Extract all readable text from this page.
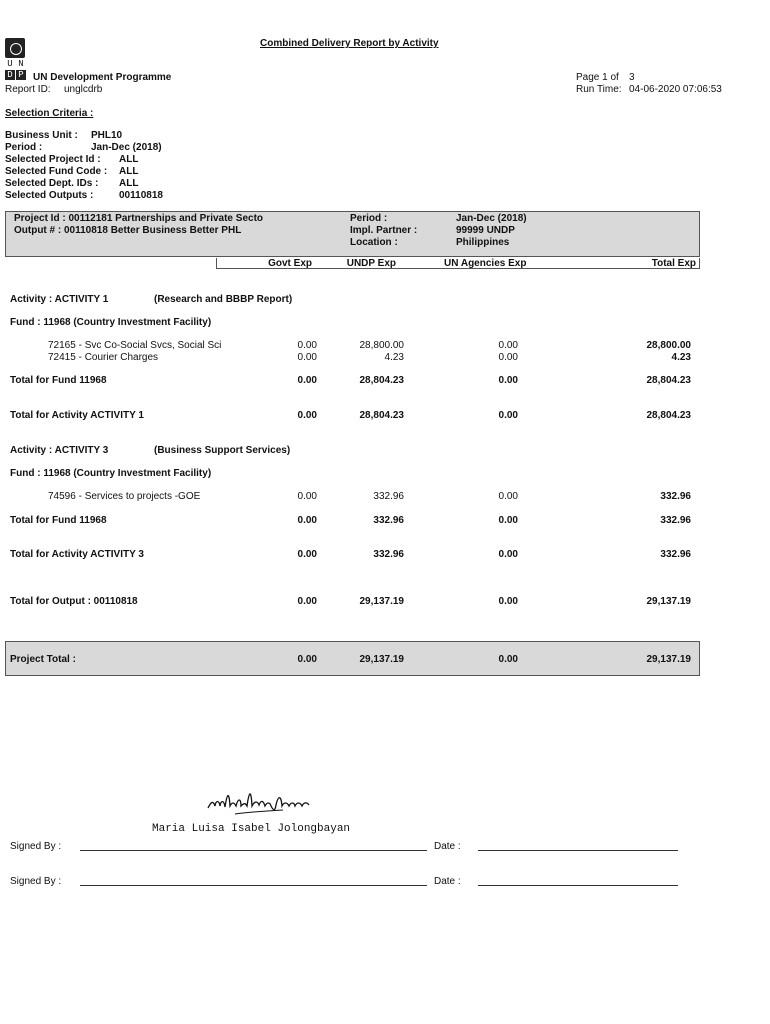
U N
D P
Combined Delivery Report by Activity
UN Development Programme
Report ID: unglcdrb
Page 1 of 3
Run Time: 04-06-2020 07:06:53
Selection Criteria :
Business Unit : PHL10
Period :	Jan-Dec (2018)
Selected Project Id : ALL
Selected Fund Code : ALL
Selected Dept. IDs : ALL
Selected Outputs :	00110818
Project Id : 00112181 Partnerships and Private Secto
Output # : 00110818 Better Business Better PHL
Period :	Jan-Dec (2018)
Impl. Partner :	99999 UNDP
Location :	Philippines
Govt Exp	UNDP Exp	UN Agencies Exp	Total Exp
Activity : ACTIVITY 1	(Research and BBBP Report)
Fund : 11968 (Country Investment Facility)
72165 - Svc Co-Social Svcs, Social Sci	0.00	28,800.00	0.00	28,800.00
72415 - Courier Charges	0.00	4.23	0.00	4.23
Total for Fund 11968	0.00	28,804.23	0.00	28,804.23
Total for Activity ACTIVITY 1	0.00	28,804.23	0.00	28,804.23
Activity : ACTIVITY 3	(Business Support Services)
Fund : 11968 (Country Investment Facility)
74596 - Services to projects -GOE	0.00	332.96	0.00	332.96
Total for Fund 11968	0.00	332.96	0.00	332.96
Total for Activity ACTIVITY 3	0.00	332.96	0.00	332.96
Total for Output : 00110818	0.00	29,137.19	0.00	29,137.19
Project Total :	0.00	29,137.19	0.00	29,137.19
Maria Luisa Isabel Jolongbayan
Signed By :	Date :
Signed By :	Date :
